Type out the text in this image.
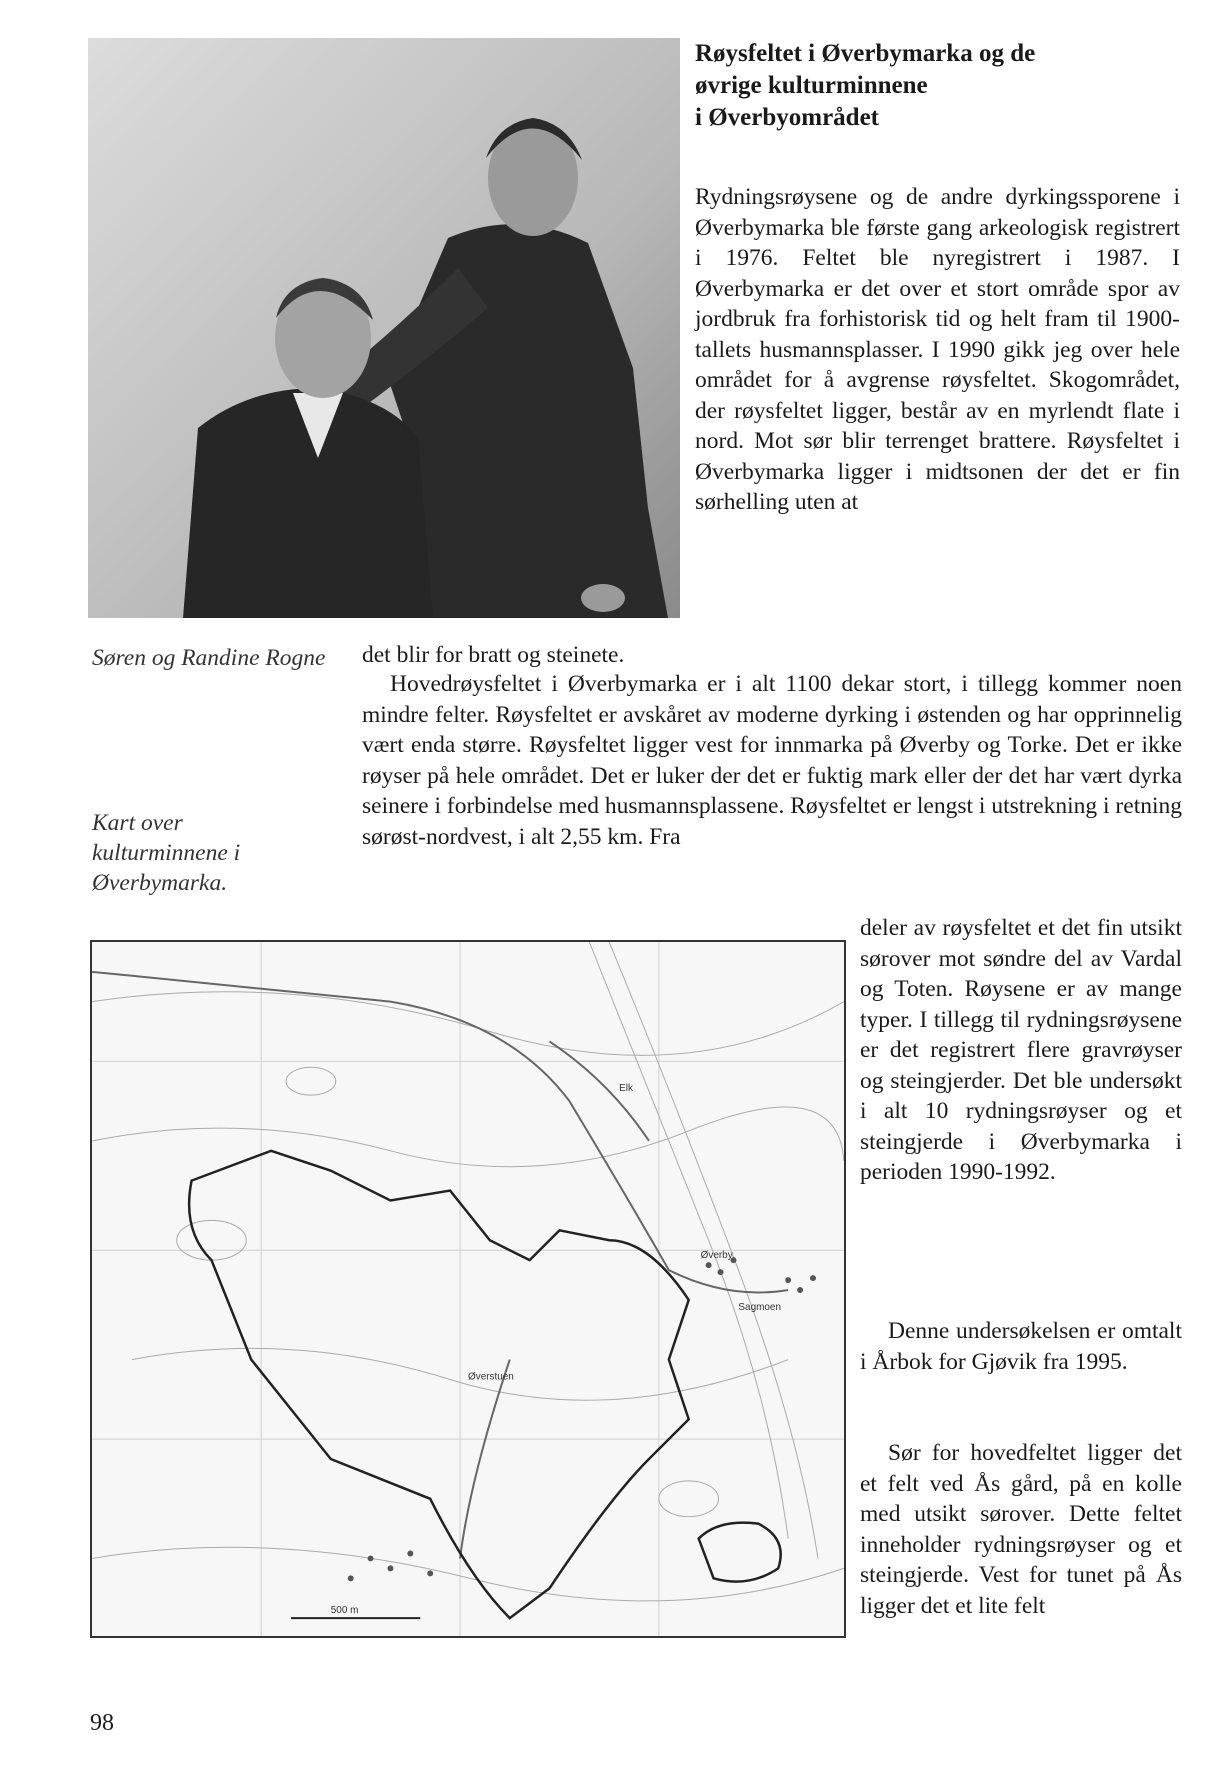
Røysfeltet i Øverbymarka og de
øvrige kulturminnene
i Øverbyområdet

Rydningsrøysene og de andre dyrkingssporene i Øverbymarka ble første gang arkeologisk registrert i 1976. Feltet ble nyregistrert i 1987. I Øverbymarka er det over et stort område spor av jordbruk fra forhistorisk tid og helt fram til 1900-tallets husmannsplasser. I 1990 gikk jeg over hele området for å avgrense røysfeltet. Skogområdet, der røysfeltet ligger, består av en myrlendt flate i nord. Mot sør blir terrenget brattere. Røysfeltet i Øverbymarka ligger i midtsonen der det er fin sørhelling uten at

det blir for bratt og steinete.

Hovedrøysfeltet i Øverbymarka er i alt 1100 dekar stort, i tillegg kommer noen mindre felter. Røysfeltet er avskåret av moderne dyrking i østenden og har opprinnelig vært enda større. Røysfeltet ligger vest for innmarka på Øverby og Torke. Det er ikke røyser på hele området. Det er luker der det er fuktig mark eller der det har vært dyrka seinere i forbindelse med husmannsplassene. Røysfeltet er lengst i utstrekning i retning sørøst-nordvest, i alt 2,55 km. Fra

deler av røysfeltet et det fin utsikt sørover mot søndre del av Vardal og Toten. Røysene er av mange typer. I tillegg til rydningsrøysene er det registrert flere gravrøyser og steingjerder. Det ble undersøkt i alt 10 rydningsrøyser og et steingjerde i Øverbymarka i perioden 1990-1992.

Denne undersøkelsen er omtalt i Årbok for Gjøvik fra 1995.

Sør for hovedfeltet ligger det et felt ved Ås gård, på en kolle med utsikt sørover. Dette feltet inneholder rydningsrøyser og et steingjerde. Vest for tunet på Ås ligger det et lite felt

Søren og Randine Rogne

Kart over kulturminnene i Øverbymarka.

Øverstuen
Øverby
Sagmoen
Elk
500 m

98
